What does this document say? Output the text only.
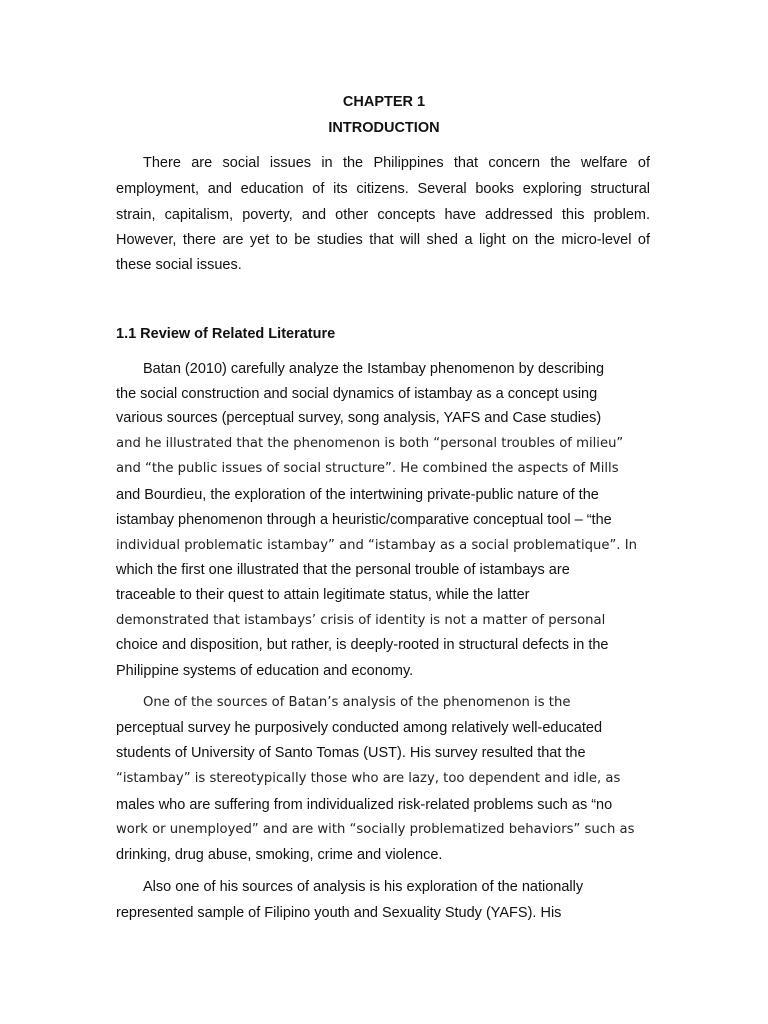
CHAPTER 1
INTRODUCTION
There are social issues in the Philippines that concern the welfare of
employment, and education of its citizens. Several books exploring structural
strain, capitalism, poverty, and other concepts have addressed this problem.
However, there are yet to be studies that will shed a light on the micro-level of
these social issues.
1.1 Review of Related Literature
Batan (2010) carefully analyze the Istambay phenomenon by describing
the social construction and social dynamics of istambay as a concept using
various sources (perceptual survey, song analysis, YAFS and Case studies)
and he illustrated that the phenomenon is both “personal troubles of milieu”
and “the public issues of social structure”. He combined the aspects of Mills
and Bourdieu, the exploration of the intertwining private-public nature of the
istambay phenomenon through a heuristic/comparative conceptual tool – “the
individual problematic istambay” and “istambay as a social problematique”. In
which the first one illustrated that the personal trouble of istambays are
traceable to their quest to attain legitimate status, while the latter
demonstrated that istambays’ crisis of identity is not a matter of personal
choice and disposition, but rather, is deeply-rooted in structural defects in the
Philippine systems of education and economy.
One of the sources of Batan’s analysis of the phenomenon is the
perceptual survey he purposively conducted among relatively well-educated
students of University of Santo Tomas (UST). His survey resulted that the
“istambay” is stereotypically those who are lazy, too dependent and idle, as
males who are suffering from individualized risk-related problems such as “no
work or unemployed” and are with “socially problematized behaviors” such as
drinking, drug abuse, smoking, crime and violence.
Also one of his sources of analysis is his exploration of the nationally
represented sample of Filipino youth and Sexuality Study (YAFS). His
